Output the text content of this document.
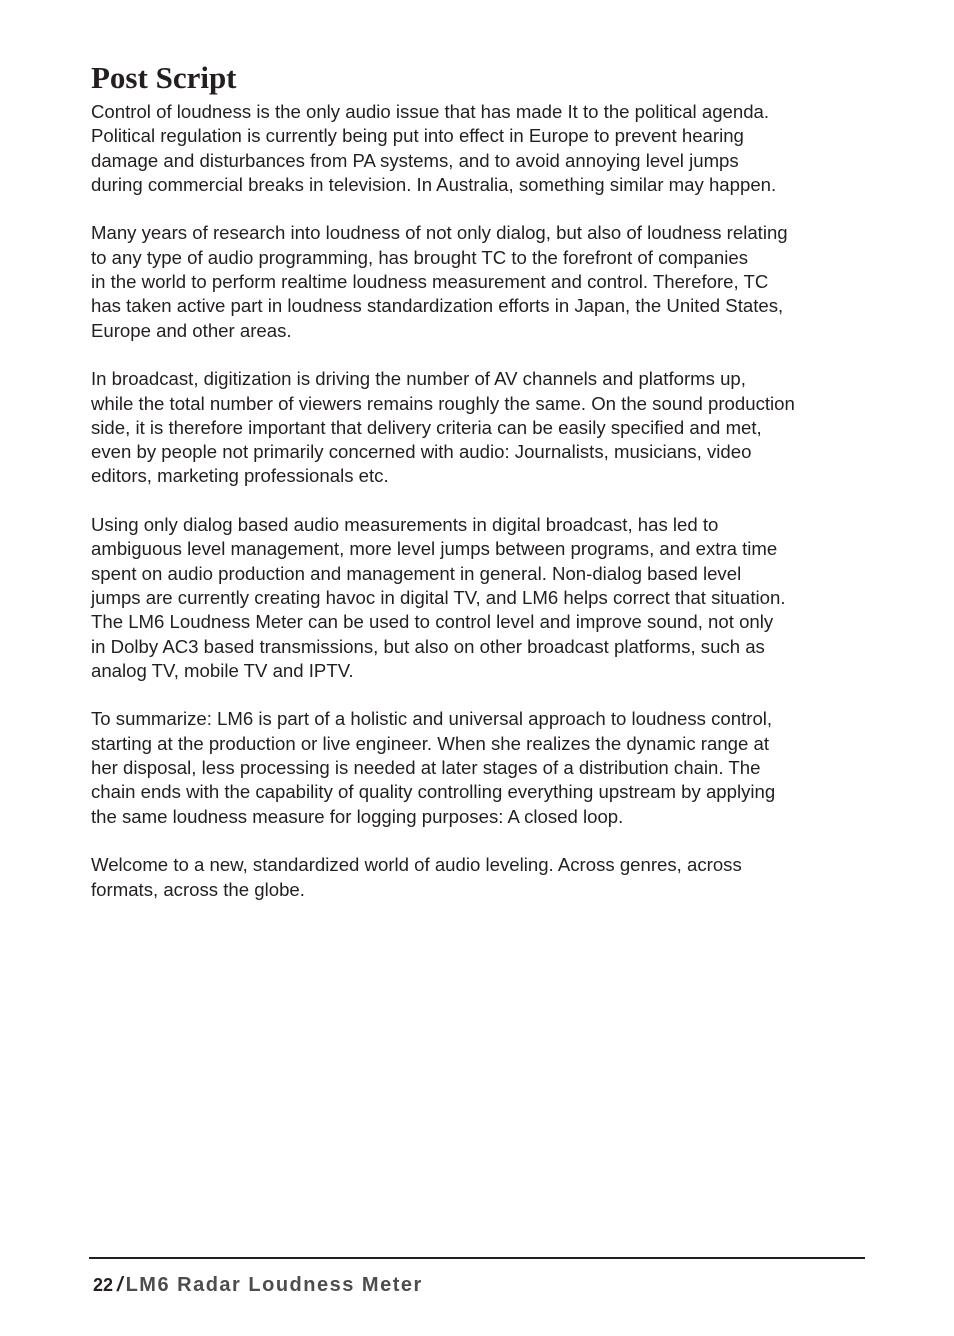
Post Script

Control of loudness is the only audio issue that has made It to the political agenda.
Political regulation is currently being put into effect in Europe to prevent hearing
damage and disturbances from PA systems, and to avoid annoying level jumps
during commercial breaks in television. In Australia, something similar may happen.

Many years of research into loudness of not only dialog, but also of loudness relating
to any type of audio programming, has brought TC to the forefront of companies
in the world to perform realtime loudness measurement and control. Therefore, TC
has taken active part in loudness standardization efforts in Japan, the United States,
Europe and other areas.

In broadcast, digitization is driving the number of AV channels and platforms up,
while the total number of viewers remains roughly the same. On the sound production
side, it is therefore important that delivery criteria can be easily specified and met,
even by people not primarily concerned with audio: Journalists, musicians, video
editors, marketing professionals etc.

Using only dialog based audio measurements in digital broadcast, has led to
ambiguous level management, more level jumps between programs, and extra time
spent on audio production and management in general. Non-dialog based level
jumps are currently creating havoc in digital TV, and LM6 helps correct that situation.
The LM6 Loudness Meter can be used to control level and improve sound, not only
in Dolby AC3 based transmissions, but also on other broadcast platforms, such as
analog TV, mobile TV and IPTV.

To summarize: LM6 is part of a holistic and universal approach to loudness control,
starting at the production or live engineer. When she realizes the dynamic range at
her disposal, less processing is needed at later stages of a distribution chain. The
chain ends with the capability of quality controlling everything upstream by applying
the same loudness measure for logging purposes: A closed loop.

Welcome to a new, standardized world of audio leveling. Across genres, across
formats, across the globe.

22 / LM6 Radar Loudness Meter
